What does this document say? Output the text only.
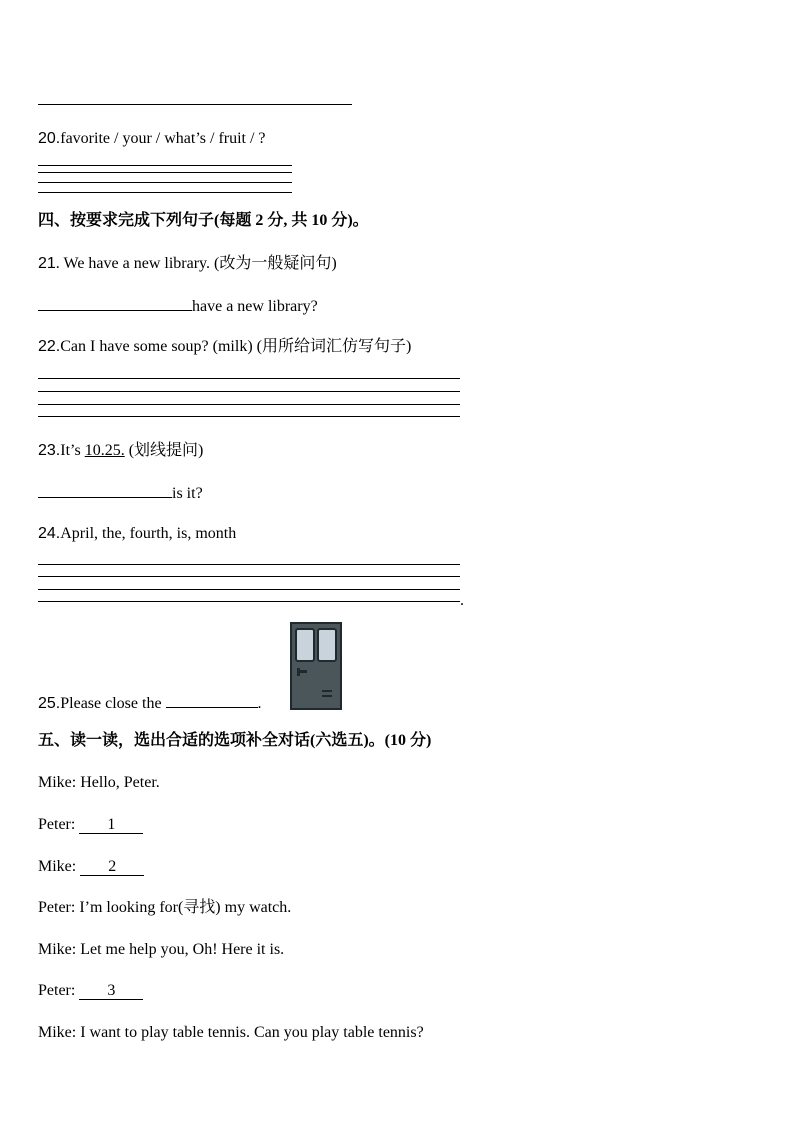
20.favorite / your / what’s / fruit / ?
四、按要求完成下列句子(每题 2 分, 共 10 分)。
21. We have a new library. (改为一般疑问句)
have a new library?
22.Can I have some soup? (milk) (用所给词汇仿写句子)
23.It’s 10.25. (划线提问)
is it?
24.April, the, fourth, is, month
.
25.Please close the	.
五、读一读，选出合适的选项补全对话(六选五)。(10 分)
Mike: Hello, Peter.
Peter: 1
Mike: 2
Peter: I’m looking for(寻找) my watch.
Mike: Let me help you, Oh! Here it is.
Peter: 3
Mike: I want to play table tennis. Can you play table tennis?
